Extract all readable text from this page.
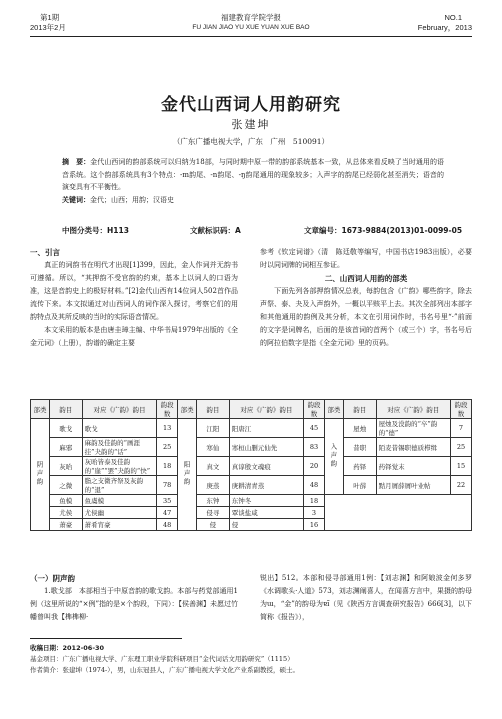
第1期
2013年2月
福建教育学院学报
FU JIAN JIAO YU XUE YUAN XUE BAO
NO.1
February，2013
金代山西词人用韵研究
张建坤
（广东广播电视大学，广东　广州　510091）
摘　要：金代山西词的韵部系统可以归纳为18部，与同时期中原一带的韵部系统基本一致，从总体来看反映了当时通用的语音系统。这个韵部系统具有3个特点：-m韵尾、-n韵尾、-ŋ韵尾通用的现象较多；入声字的韵尾已经弱化甚至消失；语音的演变具有不平衡性。
关键词：金代；山西；用韵；汉语史
中图分类号：H113	文献标识码：A	文章编号：1673-9884(2013)01-0099-05
一、引言
　　真正的词韵书在明代才出现[1]399，因此，金人作词并无韵书可遵循。所以，“其押韵不受官韵的约束，基本上以词人的口语为准，这是音韵史上的极好材料。”[2]金代山西有14位词人502首作品流传下来。本文拟通过对山西词人的词作深入探讨，考察它们的用韵特点及其所反映的当时的实际语音情况。
　　本文采用的版本是由唐圭璋主编、中华书局1979年出版的《全金元词》（上册），韵谱的确定主要
参考《钦定词谱》（清　陈廷敬等编写，中国书店1983出版），必要时以同词牌的词相互参证。
二、山西词人用韵的部类
　　下面先列各部押韵情况总表，每韵包含《广韵》哪些韵字，除去声祭、泰、夬及入声韵外，一概以平赅平上去。其次全部列出本部字和其他通用的韵例及其分析，本文在引用词作时，书名号里“·”前面的文字是词牌名，后面的是该首词的首两个（或三个）字，书名号后的阿拉伯数字是指《全金元词》里的页码。
部类	韵目	对应《广韵》韵目	韵段数	部类	韵目	对应《广韵》韵目	韵段数	部类	韵目	对应《广韵》韵目	韵段数
阴声韵	歌戈	歌戈	13	阳声韵	江阳	阳唐江	45	入声韵	屋烛	屋烛及没韵的“卒”韵的“德”	7
	麻邪	麻韵及佳韵的“画涯挂”夬韵的“话”	25		寒仙	寒桓山删元仙先	83		昔职	陌麦昔锡职德质栉缉	25
	灰咍	灰咍皆泰及佳韵的“崖”“罢”夬韵的“快”	18		真文	真谆殷文魂痕	20		药铎	药铎觉末	15
	之微	脂之支微齐祭及灰韵的“退”	78		庚蒸	庚耕清青蒸	48		叶薛	黠月屑薛屑叶业帖	22
	鱼模	鱼虞模	35		东钟	东钟冬	18				
	尤侯	尤侯幽	47		侵寻	覃谈盐咸	3				
	萧豪	萧肴宵豪	48		侵	侵	16				
（一）阴声韵
　　1.歌戈部　本部相当于中原音韵的歌戈韵。本部与药觉部通用1例（这里所说的“×例”指的是×个韵段，下同）：【侯善渊】未愿过竹幡曾叫我【榫榫柳·
锐出】512。本部和侵寻部通用1例：【刘志渊】和阿娘波金何多罗《水调歌头·人道》573，刘志渊阐喜人，在闻喜方言中，果摄的韵母为ɯ，“金”的韵母为ɐĩ（见《陕西方言调查研究报告》666[3]，以下简称《报告》），
收稿日期：2012-06-30
基金项目：广东广播电视大学、广东理工职业学院科研项目“金代词话文用韵研究”（1115）
作者简介：张建坤（1974-），男，山东冠县人，广东广播电视大学文化产业系副教授，硕士。
